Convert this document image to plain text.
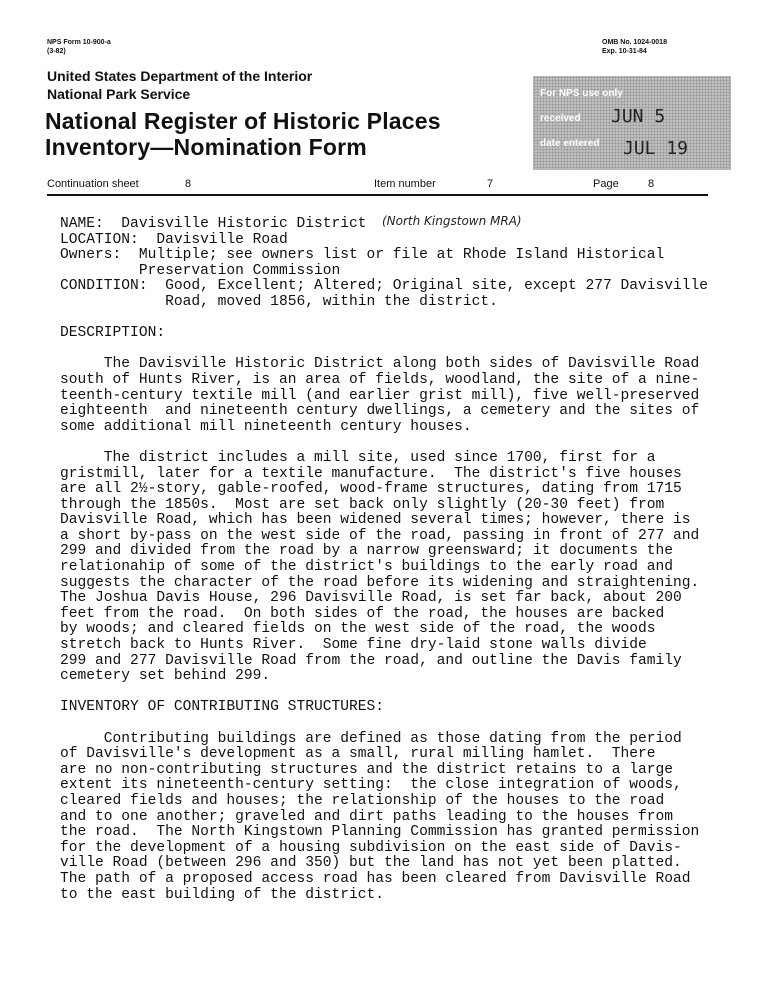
NPS Form 10-900-a
(3-82)
OMB No. 1024-0018
Exp. 10-31-84
United States Department of the Interior
National Park Service
National Register of Historic Places
Inventory—Nomination Form
For NPS use only
received JUN 5
date entered JUL 19
Continuation sheet	8	Item number	7	Page	8
(North Kingstown MRA)
NAME:  Davisville Historic District
LOCATION:  Davisville Road
Owners:  Multiple; see owners list or file at Rhode Island Historical
Preservation Commission
CONDITION:  Good, Excellent; Altered; Original site, except 277 Davisville
Road, moved 1856, within the district.

DESCRIPTION:

The Davisville Historic District along both sides of Davisville Road
south of Hunts River, is an area of fields, woodland, the site of a nine-
teenth-century textile mill (and earlier grist mill), five well-preserved
eighteenth  and nineteenth century dwellings, a cemetery and the sites of
some additional mill nineteenth century houses.

The district includes a mill site, used since 1700, first for a
gristmill, later for a textile manufacture.  The district's five houses
are all 2½-story, gable-roofed, wood-frame structures, dating from 1715
through the 1850s.  Most are set back only slightly (20-30 feet) from
Davisville Road, which has been widened several times; however, there is
a short by-pass on the west side of the road, passing in front of 277 and
299 and divided from the road by a narrow greensward; it documents the
relationahip of some of the district's buildings to the early road and
suggests the character of the road before its widening and straightening.
The Joshua Davis House, 296 Davisville Road, is set far back, about 200
feet from the road.  On both sides of the road, the houses are backed
by woods; and cleared fields on the west side of the road, the woods
stretch back to Hunts River.  Some fine dry-laid stone walls divide
299 and 277 Davisville Road from the road, and outline the Davis family
cemetery set behind 299.

INVENTORY OF CONTRIBUTING STRUCTURES:

Contributing buildings are defined as those dating from the period
of Davisville's development as a small, rural milling hamlet.  There
are no non-contributing structures and the district retains to a large
extent its nineteenth-century setting:  the close integration of woods,
cleared fields and houses; the relationship of the houses to the road
and to one another; graveled and dirt paths leading to the houses from
the road.  The North Kingstown Planning Commission has granted permission
for the development of a housing subdivision on the east side of Davis-
ville Road (between 296 and 350) but the land has not yet been platted.
The path of a proposed access road has been cleared from Davisville Road
to the east building of the district.
